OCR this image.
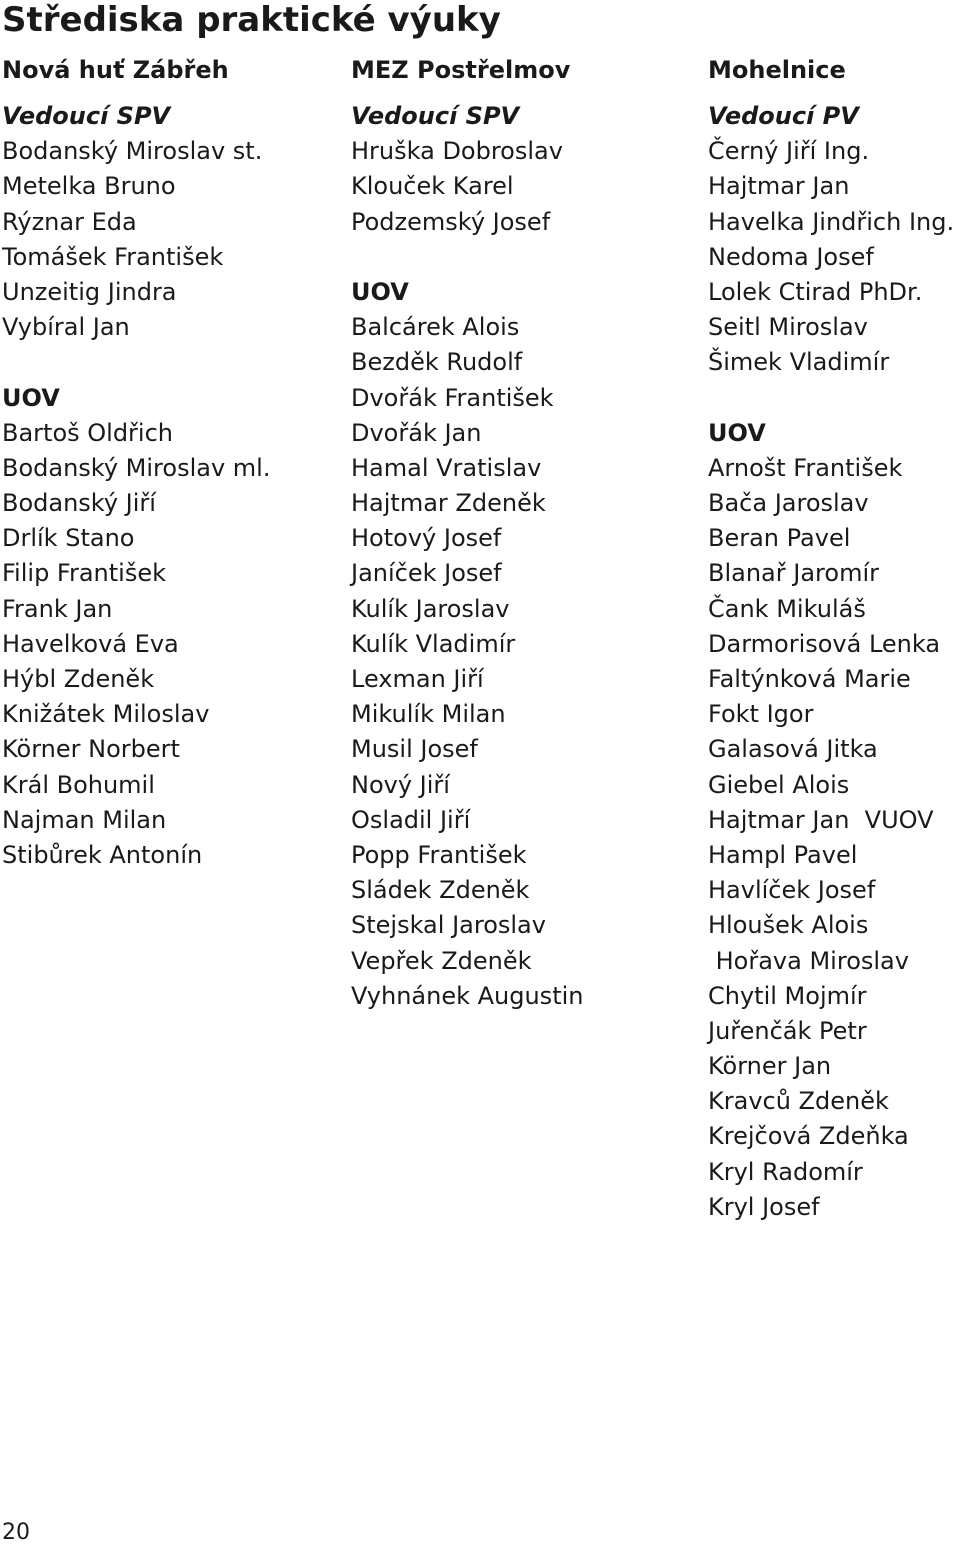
Střediska praktické výuky
Nová huť Zábřeh
Vedoucí SPV
Bodanský Miroslav st.
Metelka Bruno
Rýznar Eda
Tomášek František
Unzeitig Jindra
Vybíral Jan
UOV
Bartoš Oldřich
Bodanský Miroslav ml.
Bodanský Jiří
Drlík Stano
Filip František
Frank Jan
Havelková Eva
Hýbl Zdeněk
Knižátek Miloslav
Körner Norbert
Král Bohumil
Najman Milan
Stibůrek Antonín
MEZ Postřelmov
Vedoucí SPV
Hruška Dobroslav
Klouček Karel
Podzemský Josef
UOV
Balcárek Alois
Bezděk Rudolf
Dvořák František
Dvořák Jan
Hamal Vratislav
Hajtmar Zdeněk
Hotový Josef
Janíček Josef
Kulík Jaroslav
Kulík Vladimír
Lexman Jiří
Mikulík Milan
Musil Josef
Nový Jiří
Osladil Jiří
Popp František
Sládek Zdeněk
Stejskal Jaroslav
Vepřek Zdeněk
Vyhnánek Augustin
Mohelnice
Vedoucí PV
Černý Jiří Ing.
Hajtmar Jan
Havelka Jindřich Ing.
Nedoma Josef
Lolek Ctirad PhDr.
Seitl Miroslav
Šimek Vladimír
UOV
Arnošt František
Bača Jaroslav
Beran Pavel
Blanař Jaromír
Čank Mikuláš
Darmorisová Lenka
Faltýnková Marie
Fokt Igor
Galasová Jitka
Giebel Alois
Hajtmar Jan  VUOV
Hampl Pavel
Havlíček Josef
Hloušek Alois
Hořava Miroslav
Chytil Mojmír
Juřenčák Petr
Körner Jan
Kravců Zdeněk
Krejčová Zdeňka
Kryl Radomír
Kryl Josef
20
